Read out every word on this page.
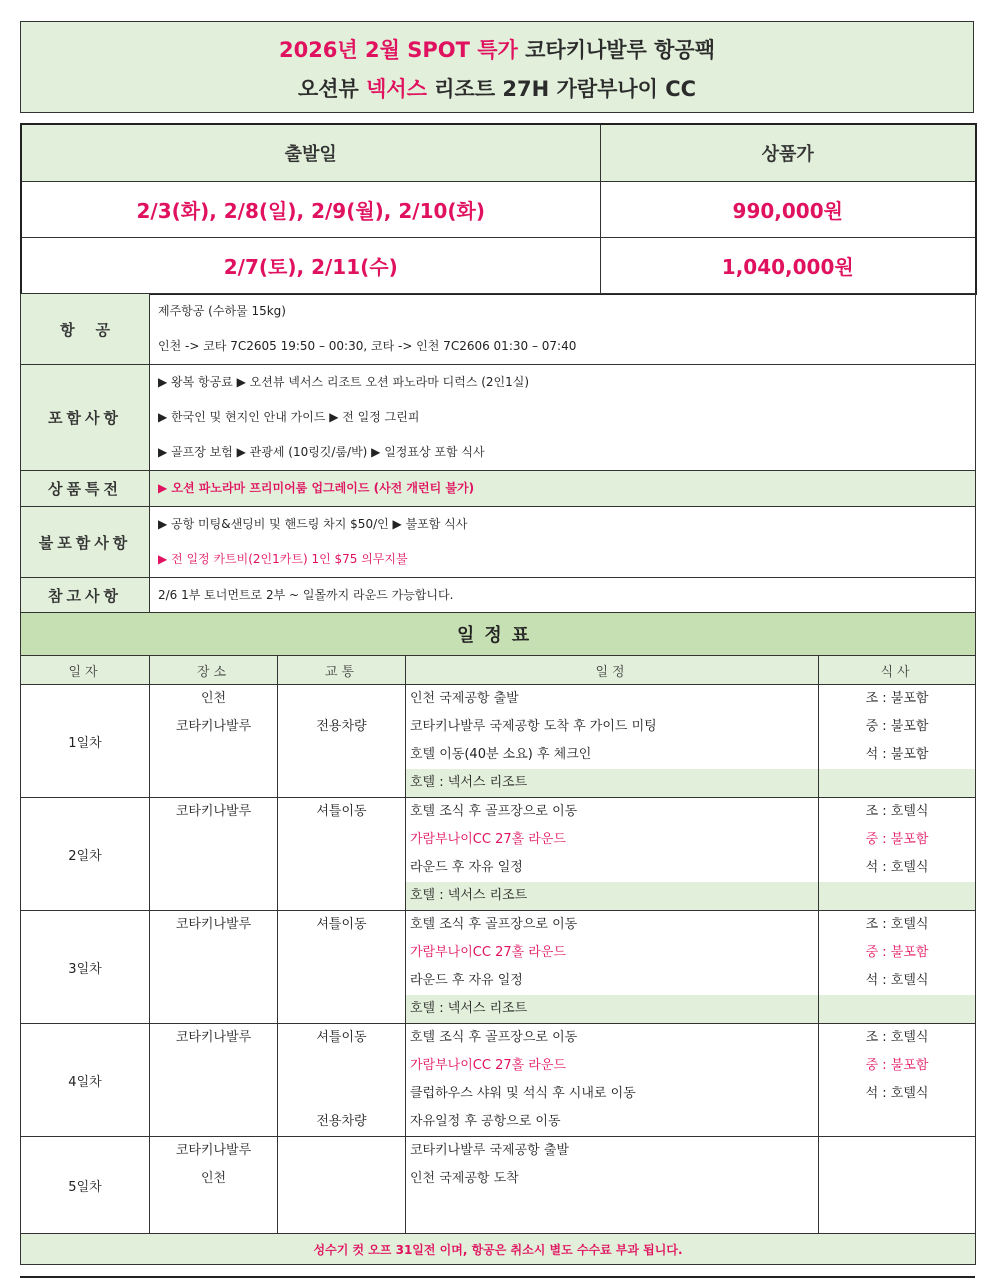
2026년 2월 SPOT 특가 코타키나발루 항공팩
오션뷰 넥서스 리조트 27H 가람부나이 CC
출발일	상품가
2/3(화), 2/8(일), 2/9(월), 2/10(화)	990,000원
2/7(토), 2/11(수)	1,040,000원
항    공	제주항공 (수하물 15kg)
인천 -> 코타 7C2605 19:50 – 00:30, 코타 -> 인천 7C2606 01:30 – 07:40

포함사항	▶ 왕복 항공료 ▶ 오션뷰 넥서스 리조트 오션 파노라마 디럭스 (2인1실)
▶ 한국인 및 현지인 안내 가이드 ▶ 전 일정 그린피
▶ 골프장 보험 ▶ 관광세 (10링깃/룸/박) ▶ 일정표상 포함 식사

상품특전	▶ 오션 파노라마 프리미어룸 업그레이드 (사전 개런티 불가)

불포함사항	▶ 공항 미팅&샌딩비 및 핸드링 차지 $50/인 ▶ 불포함 식사
▶ 전 일정 카트비(2인1카트) 1인 $75 의무지불

참고사항	2/6 1부 토너먼트로 2부 ~ 일몰까지 라운드 가능합니다.
일정표				
일자	장소	교통	일정	식사
1일차	인천		인천 국제공항 출발	조 : 불포함
	코타키나발루	전용차량	코타키나발루 국제공항 도착 후 가이드 미팅	중 : 불포함
			호텔 이동(40분 소요) 후 체크인	석 : 불포함
			호텔 : 넥서스 리조트	
2일차	코타키나발루	셔틀이동	호텔 조식 후 골프장으로 이동	조 : 호텔식
			가람부나이CC 27홀 라운드	중 : 불포함
			라운드 후 자유 일정	석 : 호텔식
			호텔 : 넥서스 리조트	
3일차	코타키나발루	셔틀이동	호텔 조식 후 골프장으로 이동	조 : 호텔식
			가람부나이CC 27홀 라운드	중 : 불포함
			라운드 후 자유 일정	석 : 호텔식
			호텔 : 넥서스 리조트	
4일차	코타키나발루	셔틀이동	호텔 조식 후 골프장으로 이동	조 : 호텔식
			가람부나이CC 27홀 라운드	중 : 불포함
			클럽하우스 샤워 및 석식 후 시내로 이동	석 : 호텔식
		전용차량	자유일정 후 공항으로 이동	
5일차	코타키나발루		코타키나발루 국제공항 출발	
	인천		인천 국제공항 도착	

성수기 컷 오프 31일전 이며, 항공은 취소시 별도 수수료 부과 됩니다.				
